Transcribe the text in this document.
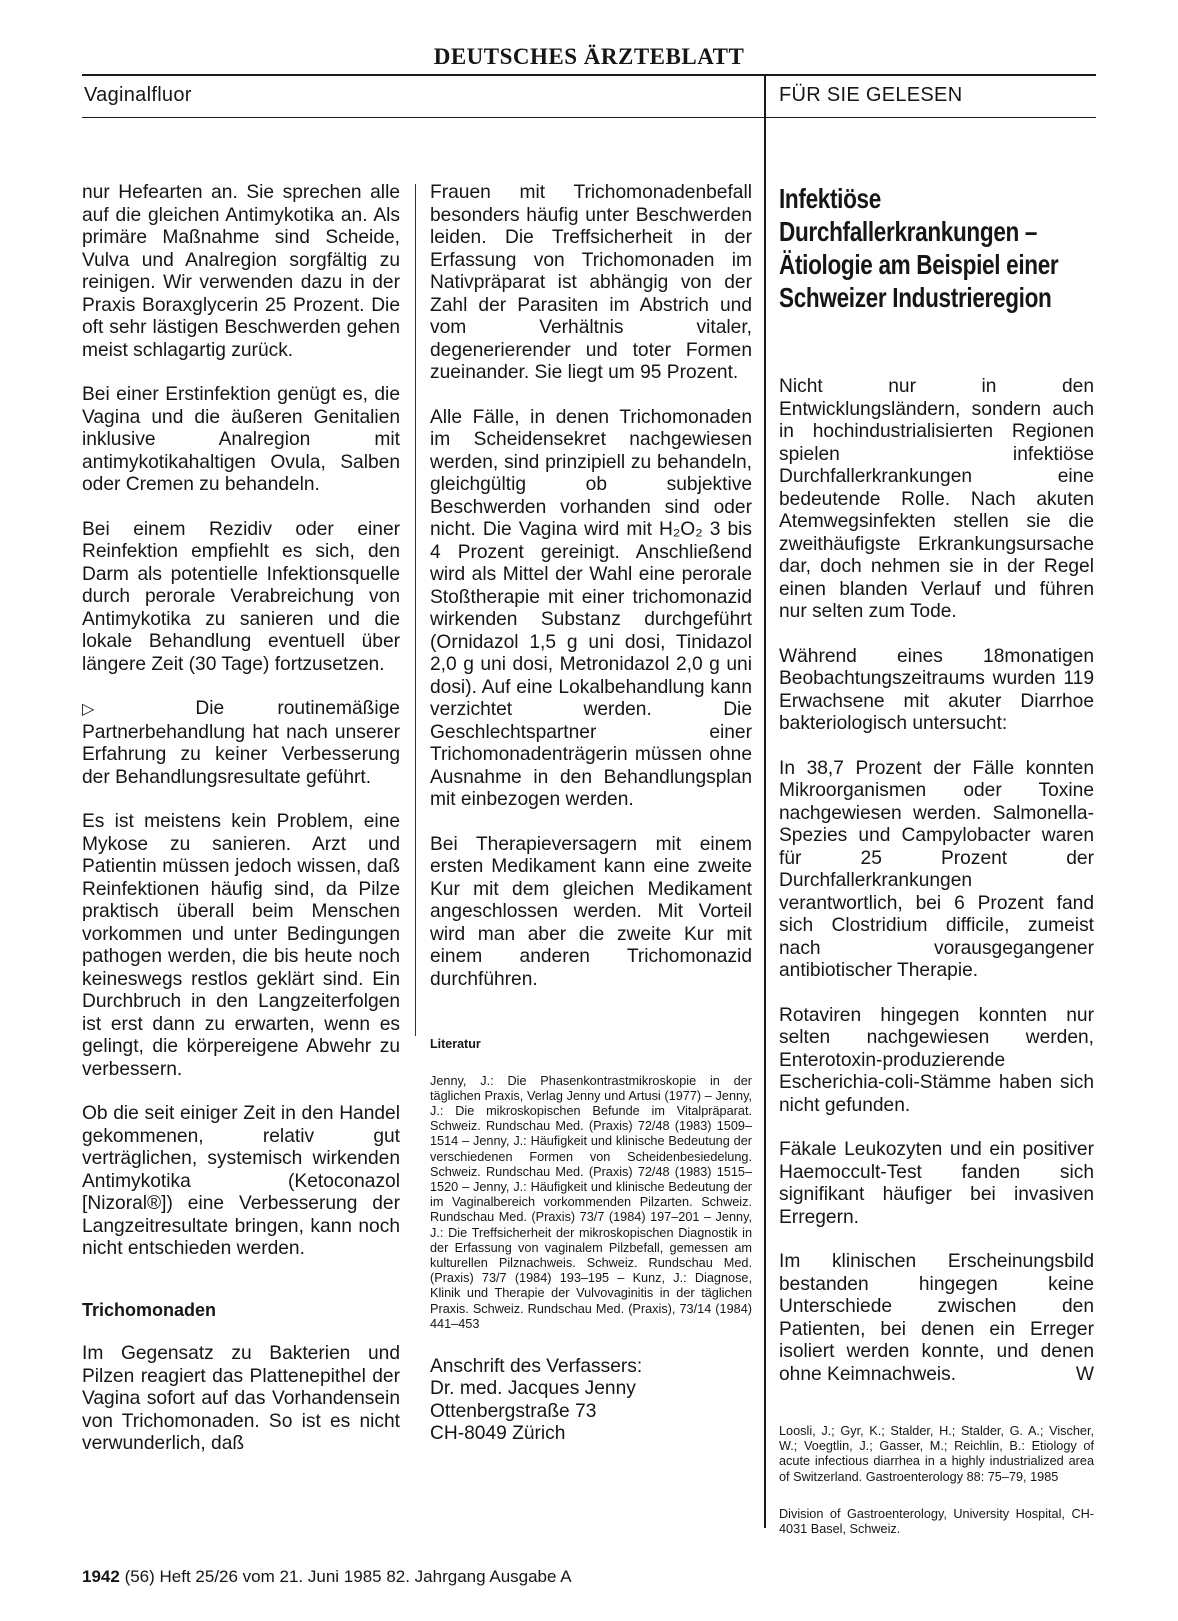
DEUTSCHES ÄRZTEBLATT
Vaginalfluor	FÜR SIE GELESEN

nur Hefearten an. Sie sprechen alle auf die gleichen Antimykotika an. Als primäre Maßnahme sind Scheide, Vulva und Analregion sorgfältig zu reinigen. Wir verwenden dazu in der Praxis Boraxglycerin 25 Prozent. Die oft sehr lästigen Beschwerden gehen meist schlagartig zurück.

Bei einer Erstinfektion genügt es, die Vagina und die äußeren Genitalien inklusive Analregion mit antimykotikahaltigen Ovula, Salben oder Cremen zu behandeln.

Bei einem Rezidiv oder einer Reinfektion empfiehlt es sich, den Darm als potentielle Infektionsquelle durch perorale Verabreichung von Antimykotika zu sanieren und die lokale Behandlung eventuell über längere Zeit (30 Tage) fortzusetzen.

▷	Die routinemäßige Partnerbehandlung hat nach unserer Erfahrung zu keiner Verbesserung der Behandlungsresultate geführt.

Es ist meistens kein Problem, eine Mykose zu sanieren. Arzt und Patientin müssen jedoch wissen, daß Reinfektionen häufig sind, da Pilze praktisch überall beim Menschen vorkommen und unter Bedingungen pathogen werden, die bis heute noch keineswegs restlos geklärt sind. Ein Durchbruch in den Langzeiterfolgen ist erst dann zu erwarten, wenn es gelingt, die körpereigene Abwehr zu verbessern.

Ob die seit einiger Zeit in den Handel gekommenen, relativ gut verträglichen, systemisch wirkenden Antimykotika (Ketoconazol [Nizoral®]) eine Verbesserung der Langzeitresultate bringen, kann noch nicht entschieden werden.

Trichomonaden

Im Gegensatz zu Bakterien und Pilzen reagiert das Plattenepithel der Vagina sofort auf das Vorhandensein von Trichomonaden. So ist es nicht verwunderlich, daß

Frauen mit Trichomonadenbefall besonders häufig unter Beschwerden leiden. Die Treffsicherheit in der Erfassung von Trichomonaden im Nativpräparat ist abhängig von der Zahl der Parasiten im Abstrich und vom Verhältnis vitaler, degenerierender und toter Formen zueinander. Sie liegt um 95 Prozent.

Alle Fälle, in denen Trichomonaden im Scheidensekret nachgewiesen werden, sind prinzipiell zu behandeln, gleichgültig ob subjektive Beschwerden vorhanden sind oder nicht. Die Vagina wird mit H₂O₂ 3 bis 4 Prozent gereinigt. Anschließend wird als Mittel der Wahl eine perorale Stoßtherapie mit einer trichomonazid wirkenden Substanz durchgeführt (Ornidazol 1,5 g uni dosi, Tinidazol 2,0 g uni dosi, Metronidazol 2,0 g uni dosi). Auf eine Lokalbehandlung kann verzichtet werden. Die Geschlechtspartner einer Trichomonadenträgerin müssen ohne Ausnahme in den Behandlungsplan mit einbezogen werden.

Bei Therapieversagern mit einem ersten Medikament kann eine zweite Kur mit dem gleichen Medikament angeschlossen werden. Mit Vorteil wird man aber die zweite Kur mit einem anderen Trichomonazid durchführen.

Literatur

Jenny, J.: Die Phasenkontrastmikroskopie in der täglichen Praxis, Verlag Jenny und Artusi (1977) – Jenny, J.: Die mikroskopischen Befunde im Vitalpräparat. Schweiz. Rundschau Med. (Praxis) 72/48 (1983) 1509–1514 – Jenny, J.: Häufigkeit und klinische Bedeutung der verschiedenen Formen von Scheidenbesiedelung. Schweiz. Rundschau Med. (Praxis) 72/48 (1983) 1515–1520 – Jenny, J.: Häufigkeit und klinische Bedeutung der im Vaginalbereich vorkommenden Pilzarten. Schweiz. Rundschau Med. (Praxis) 73/7 (1984) 197–201 – Jenny, J.: Die Treffsicherheit der mikroskopischen Diagnostik in der Erfassung von vaginalem Pilzbefall, gemessen am kulturellen Pilznachweis. Schweiz. Rundschau Med. (Praxis) 73/7 (1984) 193–195 – Kunz, J.: Diagnose, Klinik und Therapie der Vulvovaginitis in der täglichen Praxis. Schweiz. Rundschau Med. (Praxis), 73/14 (1984) 441–453

Anschrift des Verfassers:
Dr. med. Jacques Jenny
Ottenbergstraße 73
CH-8049 Zürich
Infektiöse Durchfallerkrankungen – Ätiologie am Beispiel einer Schweizer Industrieregion

Nicht nur in den Entwicklungsländern, sondern auch in hochindustrialisierten Regionen spielen infektiöse Durchfallerkrankungen eine bedeutende Rolle. Nach akuten Atemwegsinfekten stellen sie die zweithäufigste Erkrankungsursache dar, doch nehmen sie in der Regel einen blanden Verlauf und führen nur selten zum Tode.

Während eines 18monatigen Beobachtungszeitraums wurden 119 Erwachsene mit akuter Diarrhoe bakteriologisch untersucht:

In 38,7 Prozent der Fälle konnten Mikroorganismen oder Toxine nachgewiesen werden. Salmonella-Spezies und Campylobacter waren für 25 Prozent der Durchfallerkrankungen verantwortlich, bei 6 Prozent fand sich Clostridium difficile, zumeist nach vorausgegangener antibiotischer Therapie.

Rotaviren hingegen konnten nur selten nachgewiesen werden, Enterotoxin-produzierende Escherichia-coli-Stämme haben sich nicht gefunden.

Fäkale Leukozyten und ein positiver Haemoccult-Test fanden sich signifikant häufiger bei invasiven Erregern.

Im klinischen Erscheinungsbild bestanden hingegen keine Unterschiede zwischen den Patienten, bei denen ein Erreger isoliert werden konnte, und denen ohne Keimnachweis.	W

Loosli, J.; Gyr, K.; Stalder, H.; Stalder, G. A.; Vischer, W.; Voegtlin, J.; Gasser, M.; Reichlin, B.: Etiology of acute infectious diarrhea in a highly industrialized area of Switzerland. Gastroenterology 88: 75–79, 1985

Division of Gastroenterology, University Hospital, CH-4031 Basel, Schweiz.

1942 (56) Heft 25/26 vom 21. Juni 1985 82. Jahrgang Ausgabe A
